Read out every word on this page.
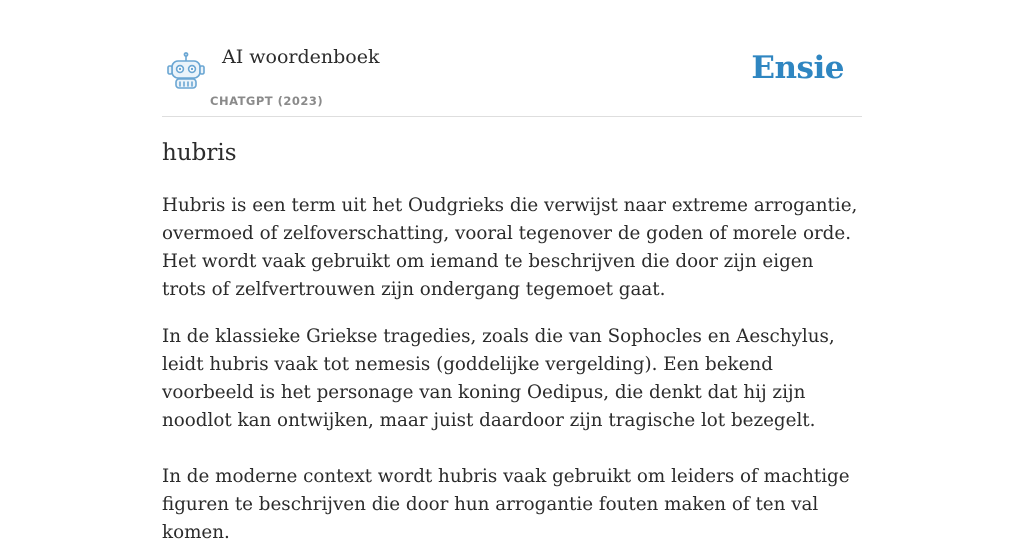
AI woordenboek
CHATGPT (2023)
Ensie
hubris

Hubris is een term uit het Oudgrieks die verwijst naar extreme arrogantie, overmoed of zelfoverschatting, vooral tegenover de goden of morele orde. Het wordt vaak gebruikt om iemand te beschrijven die door zijn eigen trots of zelfvertrouwen zijn ondergang tegemoet gaat.

In de klassieke Griekse tragedies, zoals die van Sophocles en Aeschylus, leidt hubris vaak tot nemesis (goddelijke vergelding). Een bekend voorbeeld is het personage van koning Oedipus, die denkt dat hij zijn noodlot kan ontwijken, maar juist daardoor zijn tragische lot bezegelt.

In de moderne context wordt hubris vaak gebruikt om leiders of machtige figuren te beschrijven die door hun arrogantie fouten maken of ten val komen.
